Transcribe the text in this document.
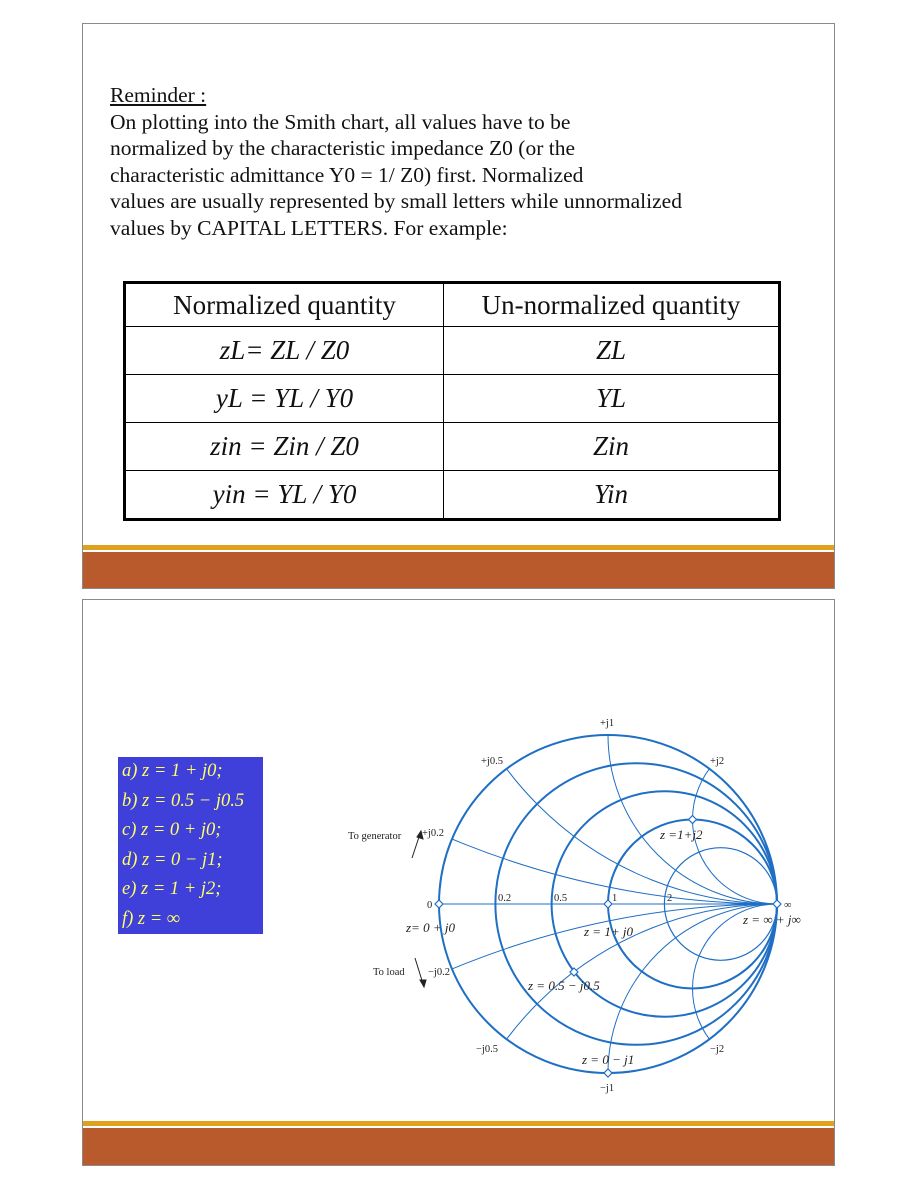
Reminder :
On plotting into the Smith chart, all values have to be
normalized by the characteristic impedance Z0 (or the
characteristic admittance Y0 = 1/ Z0) first. Normalized
values are usually represented by small letters while unnormalized
values by CAPITAL LETTERS. For example:
Normalized quantity	Un-normalized quantity
zL= ZL / Z0	ZL
yL = YL / Y0	YL
zin = Zin / Z0	Zin
yin = YL / Y0	Yin
a) z = 1 + j0;
b) z = 0.5 − j0.5
c) z = 0 + j0;
d) z = 0 − j1;
e) z = 1 + j2;
f) z = ∞
+j1
+j0.5	+j2
+j0.2
To generator
−j0.2
To load
−j0.5	−j2
−j1
0
0.2	0.5	1	2
∞
z =1+j2
z= 0 + j0	z = 1+ j0
z = 0.5 − j0.5
z = 0 − j1
z = ∞ + j∞
